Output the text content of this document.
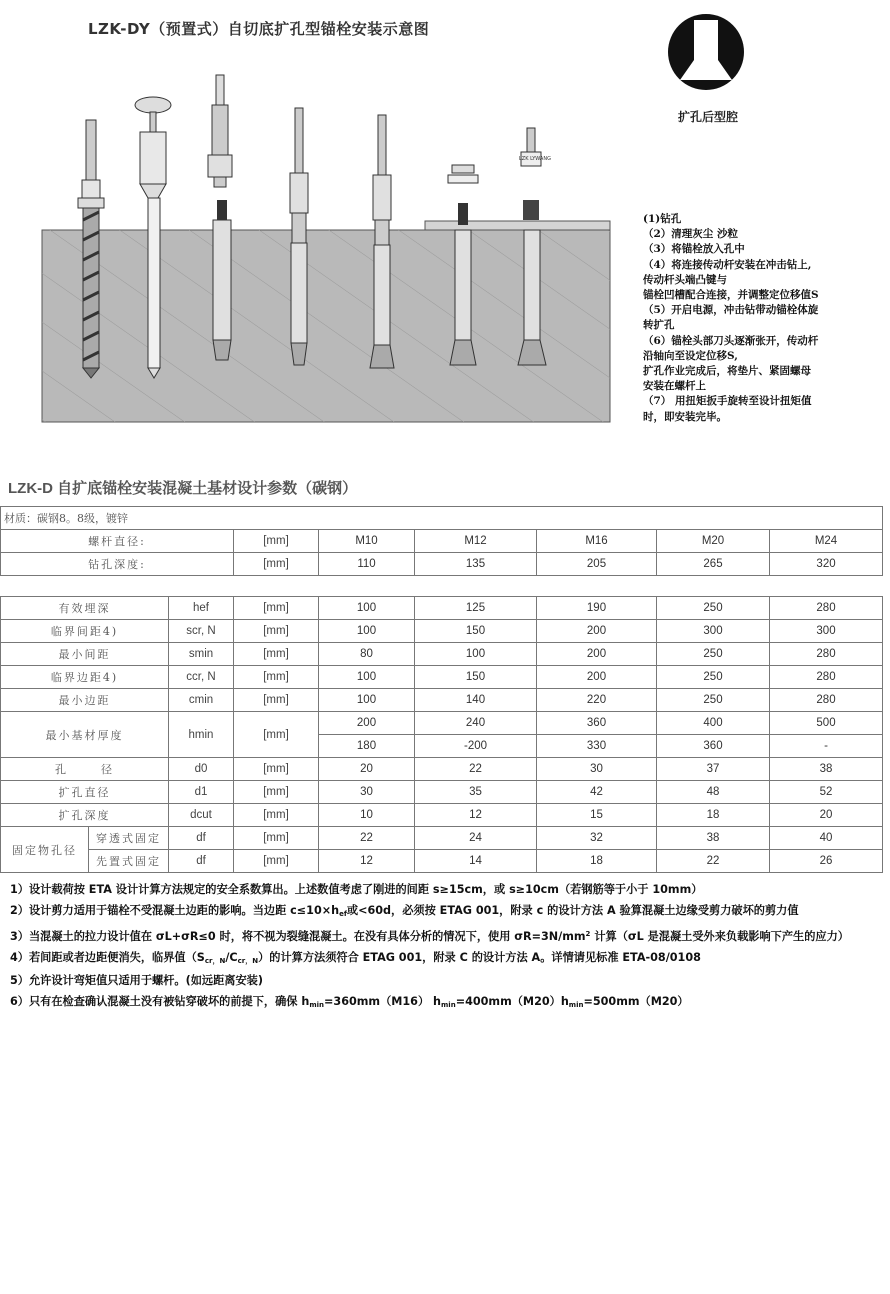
LZK-DY（预置式）自切底扩孔型锚栓安装示意图
LZK LYWANG
扩孔后型腔
(1)钻孔
（2）清理灰尘 沙粒
（3）将锚栓放入孔中
（4）将连接传动杆安装在冲击钻上,
传动杆头端凸键与
锚栓凹槽配合连接，并调整定位移值S
（5）开启电源，冲击钻带动锚栓体旋
转扩孔
（6）锚栓头部刀头逐渐张开，传动杆
沿轴向至设定位移S,
扩孔作业完成后，将垫片、紧固螺母
安装在螺杆上
（7） 用扭矩扳手旋转至设计扭矩值
时，即安装完毕。
LZK-D 自扩底锚栓安装混凝土基材设计参数（碳钢）
材质：碳钢8。8级，镀锌						
螺杆直径:	[mm]	M10	M12	M16	M20	M24
钻孔深度:	[mm]	110	135	205	265	320
有效埋深		hef	[mm]	100	125	190	250	280
临界间距4)		scr, N	[mm]	100	150	200	300	300
最小间距		smin	[mm]	80	100	200	250	280
临界边距4)		ccr, N	[mm]	100	150	200	250	280
最小边距		cmin	[mm]	100	140	220	250	280
最小基材厚度		hmin	[mm]	200	240	360	400	500
				180	-200	330	360	-
孔      径		d0	[mm]	20	22	30	37	38
扩孔直径		d1	[mm]	30	35	42	48	52
扩孔深度		dcut	[mm]	10	12	15	18	20
固定物孔径	穿透式固定	df	[mm]	22	24	32	38	40
	先置式固定	df	[mm]	12	14	18	22	26

1）设计载荷按 ETA 设计计算方法规定的安全系数算出。上述数值考虑了刚进的间距 s≥15cm，或 s≥10cm（若钢筋等于小于 10mm）

2）设计剪力适用于锚栓不受混凝土边距的影响。当边距 $c\le 10\times h_{ef}$或<60d，必须按 ETAG 001，附录 c 的设计方法 A 验算混凝土边缘受剪力破坏的剪力值

3）当混凝土的拉力设计值在 σL+σR≤0 时，将不视为裂缝混凝土。在没有具体分析的情况下，使用 $\sigma R=3N/mm^2$ 计算（σL 是混凝土受外来负载影响下产生的应力）

4）若间距或者边距便消失，临界值$(S_{cr,N}/C_{cr,N})$的计算方法须符合 ETAG 001，附录 C 的设计方法 A。详情请见标准 ETA-08/0108

5）允许设计弯矩值只适用于螺杆。(如远距离安装)

6）只有在检查确认混凝土没有被钻穿破坏的前提下，确保 $h_{min}=360mm(M16)$ $h_{min}=400mm(M20)h_{min}=500mm(M20)$
